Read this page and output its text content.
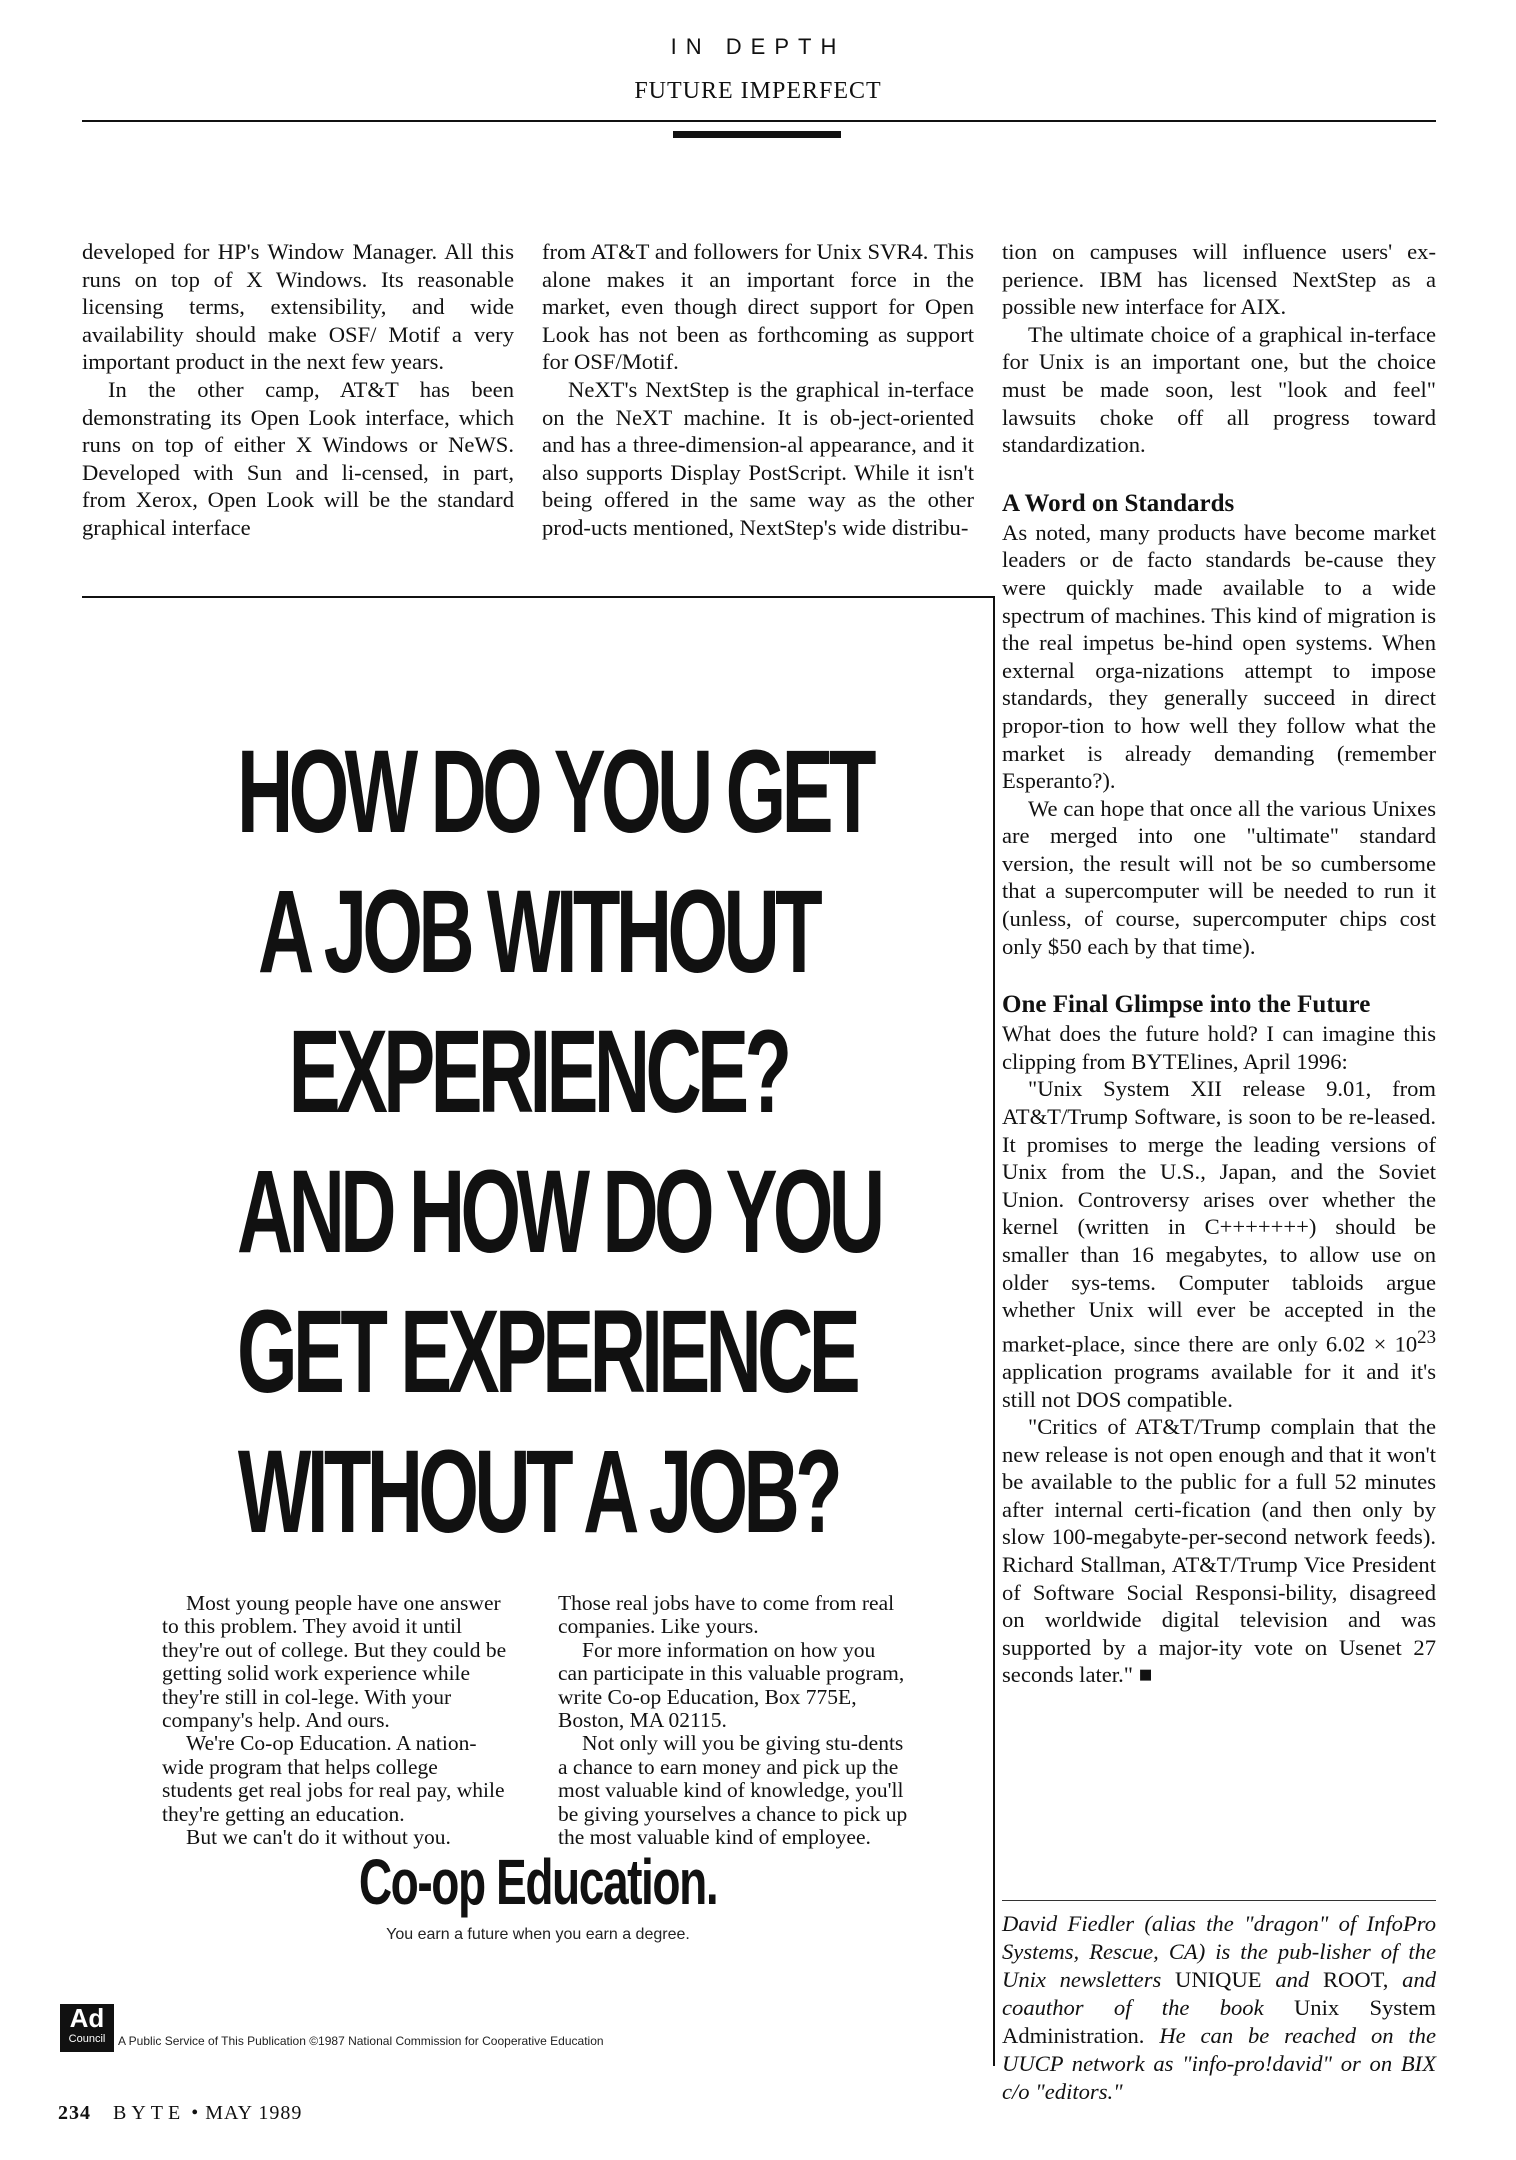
IN DEPTH
FUTURE IMPERFECT

developed for HP's Window Manager. All this runs on top of X Windows. Its reasonable licensing terms, extensibility, and wide availability should make OSF/ Motif a very important product in the next few years.

In the other camp, AT&T has been demonstrating its Open Look interface, which runs on top of either X Windows or NeWS. Developed with Sun and li-censed, in part, from Xerox, Open Look will be the standard graphical interface

from AT&T and followers for Unix SVR4. This alone makes it an important force in the market, even though direct support for Open Look has not been as forthcoming as support for OSF/Motif.

NeXT's NextStep is the graphical in-terface on the NeXT machine. It is ob-ject-oriented and has a three-dimension-al appearance, and it also supports Display PostScript. While it isn't being offered in the same way as the other prod-ucts mentioned, NextStep's wide distribu-

tion on campuses will influence users' ex-perience. IBM has licensed NextStep as a possible new interface for AIX.

The ultimate choice of a graphical in-terface for Unix is an important one, but the choice must be made soon, lest "look and feel" lawsuits choke off all progress toward standardization.

A Word on Standards

As noted, many products have become market leaders or de facto standards be-cause they were quickly made available to a wide spectrum of machines. This kind of migration is the real impetus be-hind open systems. When external orga-nizations attempt to impose standards, they generally succeed in direct propor-tion to how well they follow what the market is already demanding (remember Esperanto?).

We can hope that once all the various Unixes are merged into one "ultimate" standard version, the result will not be so cumbersome that a supercomputer will be needed to run it (unless, of course, supercomputer chips cost only $50 each by that time).

One Final Glimpse into the Future

What does the future hold? I can imagine this clipping from BYTElines, April 1996:

"Unix System XII release 9.01, from AT&T/Trump Software, is soon to be re-leased. It promises to merge the leading versions of Unix from the U.S., Japan, and the Soviet Union. Controversy arises over whether the kernel (written in C+++++++) should be smaller than 16 megabytes, to allow use on older sys-tems. Computer tabloids argue whether Unix will ever be accepted in the market-place, since there are only $6.02 \times 10^{23}$ application programs available for it and it's still not DOS compatible.

"Critics of AT&T/Trump complain that the new release is not open enough and that it won't be available to the public for a full 52 minutes after internal certi-fication (and then only by slow 100-megabyte-per-second network feeds). Richard Stallman, AT&T/Trump Vice President of Software Social Responsi-bility, disagreed on worldwide digital television and was supported by a major-ity vote on Usenet 27 seconds later." ■

HOW DO YOU GET
A JOB WITHOUT
EXPERIENCE?
AND HOW DO YOU
GET EXPERIENCE
WITHOUT A JOB?

Most young people have one answer to this problem. They avoid it until they're out of college. But they could be getting solid work experience while they're still in col-lege. With your company's help. And ours.

We're Co-op Education. A nation-wide program that helps college students get real jobs for real pay, while they're getting an education.

But we can't do it without you.

Those real jobs have to come from real companies. Like yours.

For more information on how you can participate in this valuable program, write Co-op Education, Box 775E, Boston, MA 02115.

Not only will you be giving stu-dents a chance to earn money and pick up the most valuable kind of knowledge, you'll be giving yourselves a chance to pick up the most valuable kind of employee.

Co-op Education.
You earn a future when you earn a degree.
Ad
Council	A Public Service of This Publication ©1987 National Commission for Cooperative Education
David Fiedler (alias the "dragon" of InfoPro Systems, Rescue, CA) is the pub-lisher of the Unix newsletters UNIQUE and ROOT, and coauthor of the book Unix System Administration. He can be reached on the UUCP network as "info-pro!david" or on BIX c/o "editors."
234 BYTE • MAY 1989
